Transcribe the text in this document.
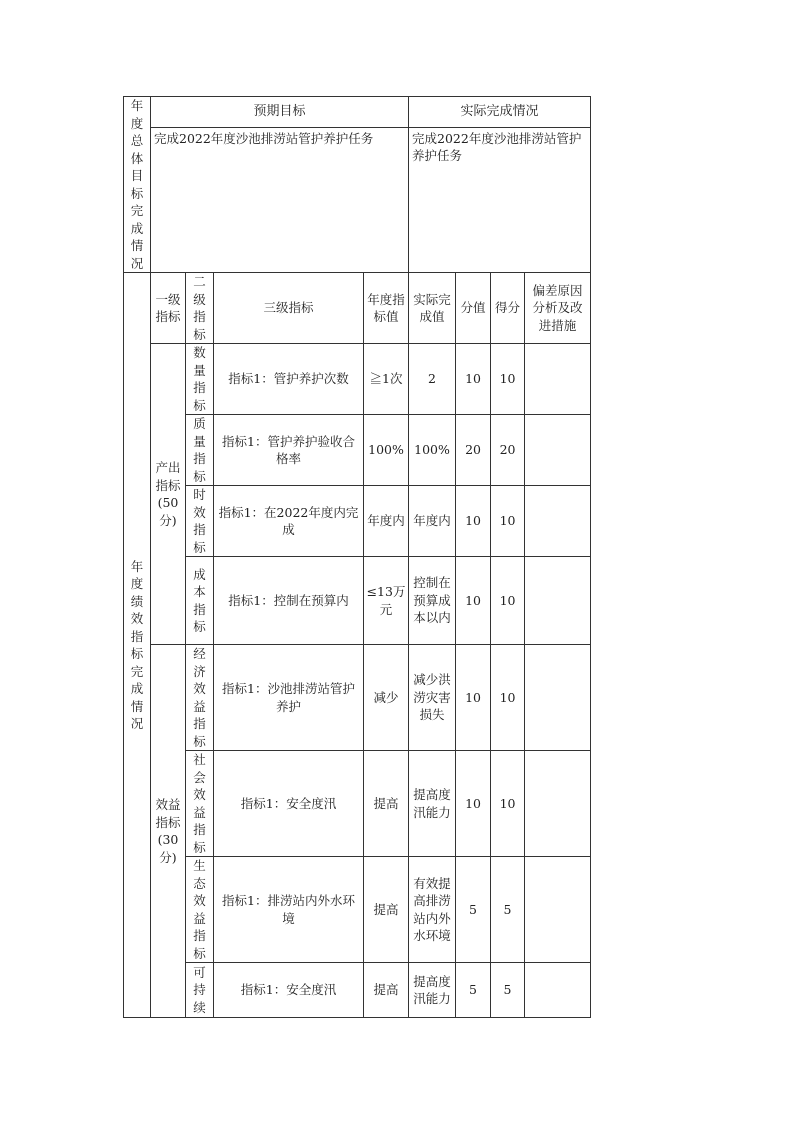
年度总体目标完成情况	预期目标				实际完成情况			
	完成2022年度沙池排涝站管护养护任务				完成2022年度沙池排涝站管护养护任务			
年度绩效指标完成情况	一级指标	二级指标	三级指标	年度指标值	实际完成值	分值	得分	偏差原因分析及改进措施
	产出指标(50分)	数量指标	指标1：管护养护次数	≧1次	2	10	10	
		质量指标	指标1：管护养护验收合格率	100%	100%	20	20	
		时效指标	指标1：在2022年度内完成	年度内	年度内	10	10	
		成本指标	指标1：控制在预算内	≤13万元	控制在预算成本以内	10	10	
	效益指标(30分)	经济效益指标	指标1：沙池排涝站管护养护	减少	减少洪涝灾害损失	10	10	
		社会效益指标	指标1：安全度汛	提高	提高度汛能力	10	10	
		生态效益指标	指标1：排涝站内外水环境	提高	有效提高排涝站内外水环境	5	5	
		可持续	指标1：安全度汛	提高	提高度汛能力	5	5	
